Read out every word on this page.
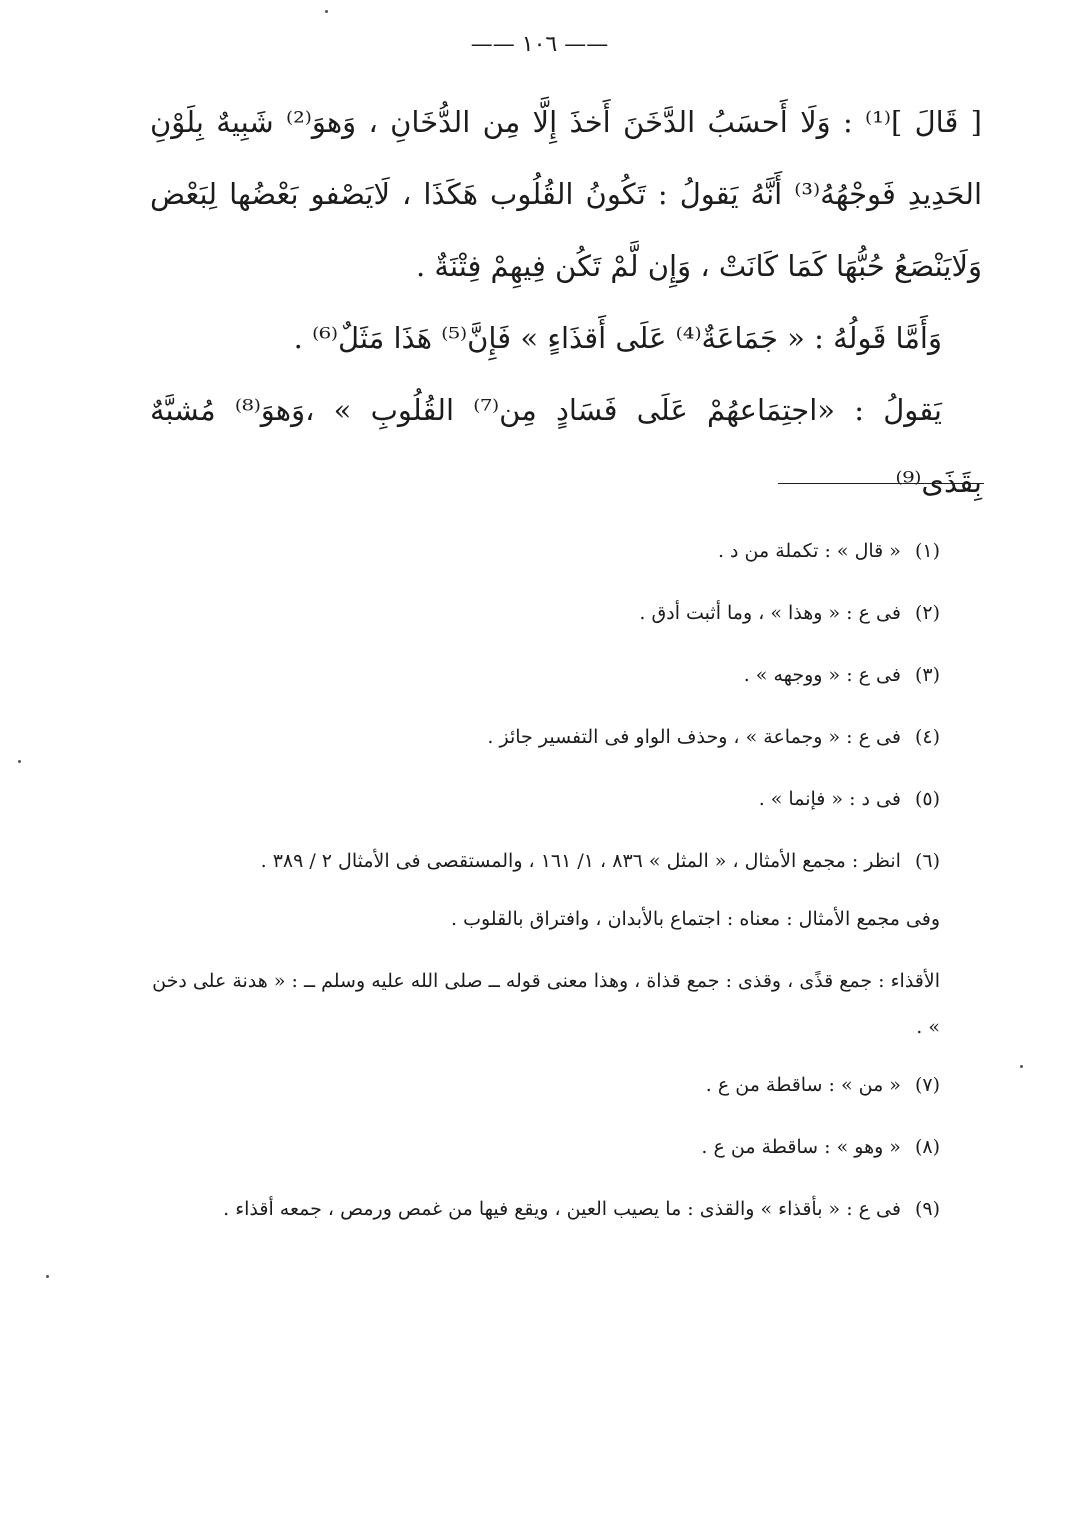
—— ١٠٦ ——

[ قَالَ ]⁽¹⁾ : وَلَا أَحسَبُ الدَّخَنَ أَخذَ إِلَّا مِن الدُّخَانِ ، وَهوَ⁽²⁾ شَبِيهٌ بِلَوْنِ الحَدِيدِ فَوجْهُهُ⁽³⁾ أَنَّهُ يَقولُ : تَكُونُ القُلُوب هَكَذَا ، لَايَصْفو بَعْضُها لِبَعْض وَلَايَنْصَعُ حُبُّهَا كَمَا كَانَتْ ، وَإِن لَّمْ تَكُن فِيهِمْ فِتْنَةٌ .

وَأَمَّا قَولُهُ : « جَمَاعَةٌ⁽⁴⁾ عَلَى أَقذَاءٍ » فَإِنَّ⁽⁵⁾ هَذَا مَثَلٌ⁽⁶⁾ .

يَقولُ : «اجتِمَاعهُمْ عَلَى فَسَادٍ مِن⁽⁷⁾ القُلُوبِ » ،وَهوَ⁽⁸⁾ مُشبَّهٌ بِقَذَى⁽⁹⁾

(١)« قال » : تكملة من د .

(٢)فى ع : « وهذا » ، وما أثبت أدق .

(٣)فى ع : « ووجهه » .

(٤)فى ع : « وجماعة » ، وحذف الواو فى التفسير جائز .

(٥)فى د : « فإنما » .

(٦)انظر : مجمع الأمثال ، « المثل » ٨٣٦ ، ١/ ١٦١ ، والمستقصى فى الأمثال ٢ / ٣٨٩ .

وفى مجمع الأمثال : معناه : اجتماع بالأبدان ، وافتراق بالقلوب .

الأقذاء : جمع قذًى ، وقذى : جمع قذاة ، وهذا معنى قوله ــ صلى الله عليه وسلم ــ : « هدنة على دخن » .

(٧)« من » : ساقطة من ع .

(٨)« وهو » : ساقطة من ع .

(٩)فى ع : « بأقذاء » والقذى : ما يصيب العين ، ويقع فيها من غمص ورمص ، جمعه أقذاء .
